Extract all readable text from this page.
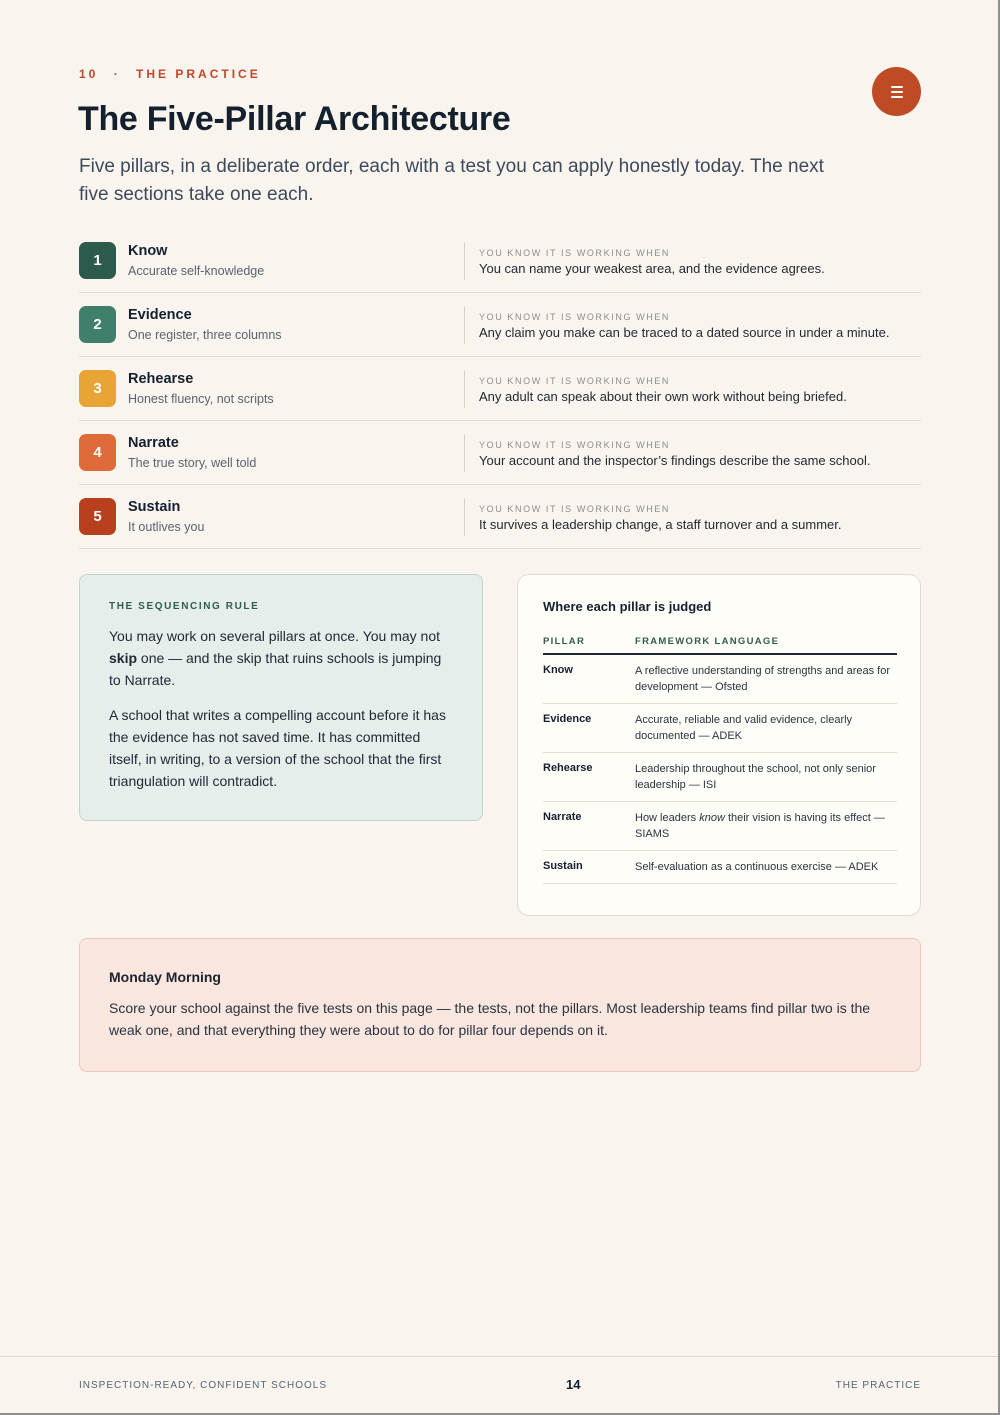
10 · THE PRACTICE
The Five-Pillar Architecture

Five pillars, in a deliberate order, each with a test you can apply honestly today. The next five sections take one each.

1
Know
Accurate self-knowledge
YOU KNOW IT IS WORKING WHEN
You can name your weakest area, and the evidence agrees.
2
Evidence
One register, three columns
YOU KNOW IT IS WORKING WHEN
Any claim you make can be traced to a dated source in under a minute.
3
Rehearse
Honest fluency, not scripts
YOU KNOW IT IS WORKING WHEN
Any adult can speak about their own work without being briefed.
4
Narrate
The true story, well told
YOU KNOW IT IS WORKING WHEN
Your account and the inspector’s findings describe the same school.
5
Sustain
It outlives you
YOU KNOW IT IS WORKING WHEN
It survives a leadership change, a staff turnover and a summer.
THE SEQUENCING RULE

You may work on several pillars at once. You may not skip one — and the skip that ruins schools is jumping to Narrate.

A school that writes a compelling account before it has the evidence has not saved time. It has committed itself, in writing, to a version of the school that the first triangulation will contradict.

Where each pillar is judged
PILLAR	FRAMEWORK LANGUAGE
Know	A reflective understanding of strengths and areas for development — Ofsted
Evidence	Accurate, reliable and valid evidence, clearly documented — ADEK
Rehearse	Leadership throughout the school, not only senior leadership — ISI
Narrate	How leaders know their vision is having its effect — SIAMS
Sustain	Self-evaluation as a continuous exercise — ADEK
Monday Morning
Score your school against the five tests on this page — the tests, not the pillars. Most leadership teams find pillar two is the weak one, and that everything they were about to do for pillar four depends on it.
INSPECTION-READY, CONFIDENT SCHOOLS	14	THE PRACTICE
